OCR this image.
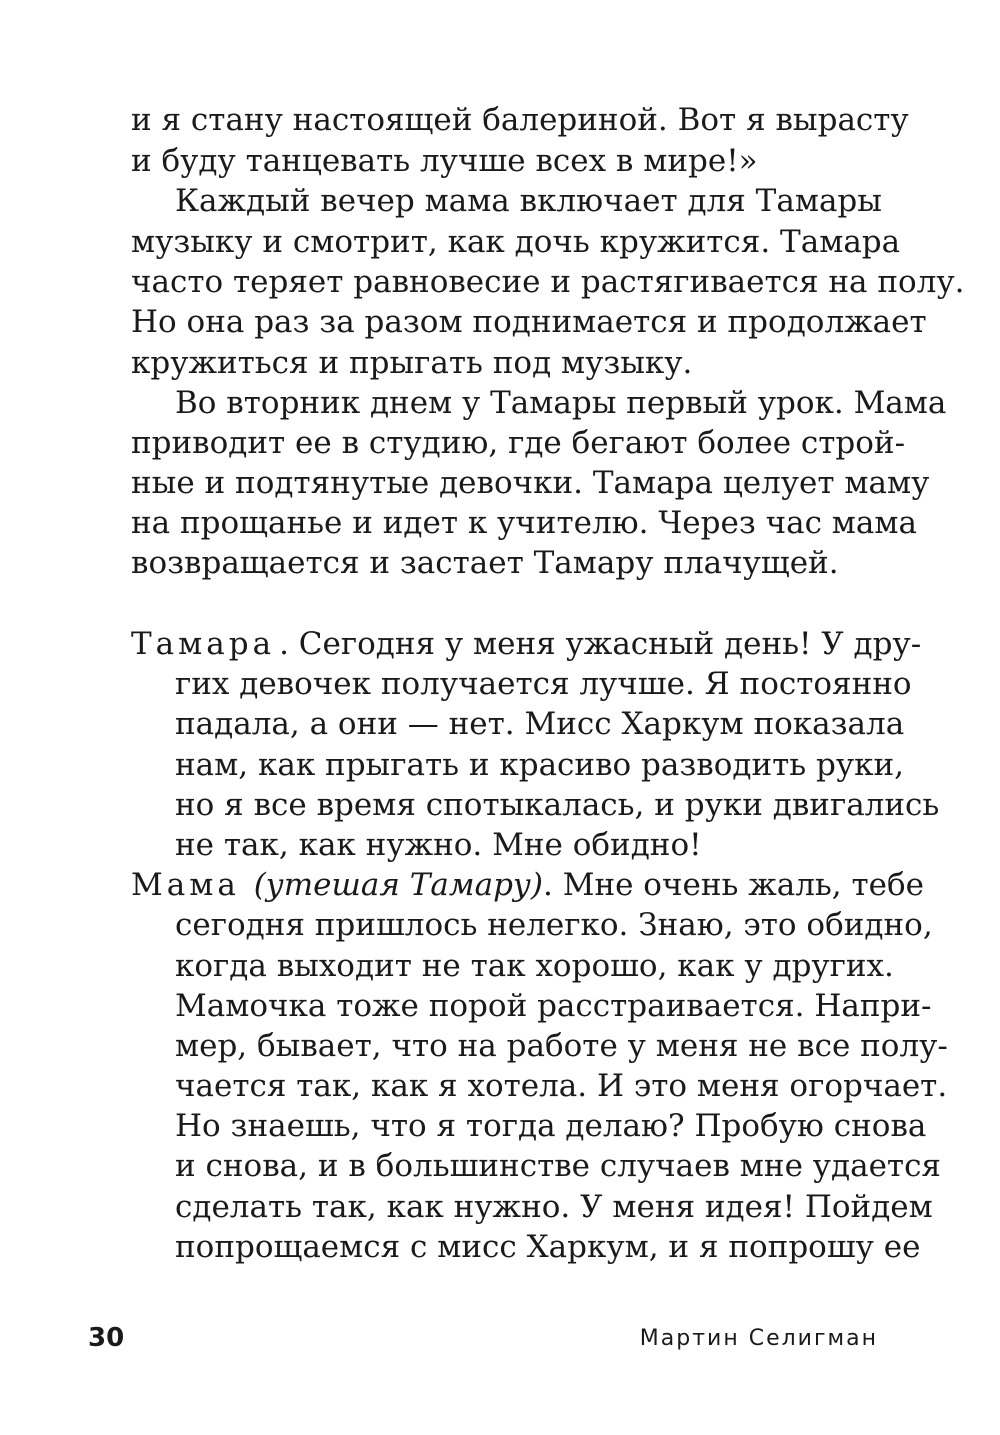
и я стану настоящей балериной. Вот я вырасту
и буду танцевать лучше всех в мире!»
Каждый вечер мама включает для Тамары
музыку и смотрит, как дочь кружится. Тамара
часто теряет равновесие и растягивается на полу.
Но она раз за разом поднимается и продолжает
кружиться и прыгать под музыку.
Во вторник днем у Тамары первый урок. Мама
приводит ее в студию, где бегают более строй-
ные и подтянутые девочки. Тамара целует маму
на прощанье и идет к учителю. Через час мама
возвращается и застает Тамару плачущей.
Тамара . Сегодня у меня ужасный день! У дру-
гих девочек получается лучше. Я постоянно
падала, а они — нет. Мисс Харкум показала
нам, как прыгать и красиво разводить руки,
но я все время спотыкалась, и руки двигались
не так, как нужно. Мне обидно!
Мама (утешая Тамару). Мне очень жаль, тебе
сегодня пришлось нелегко. Знаю, это обидно,
когда выходит не так хорошо, как у других.
Мамочка тоже порой расстраивается. Напри-
мер, бывает, что на работе у меня не все полу-
чается так, как я хотела. И это меня огорчает.
Но знаешь, что я тогда делаю? Пробую снова
и снова, и в большинстве случаев мне удается
сделать так, как нужно. У меня идея! Пойдем
попрощаемся с мисс Харкум, и я попрошу ее
30	Мартин Селигман
